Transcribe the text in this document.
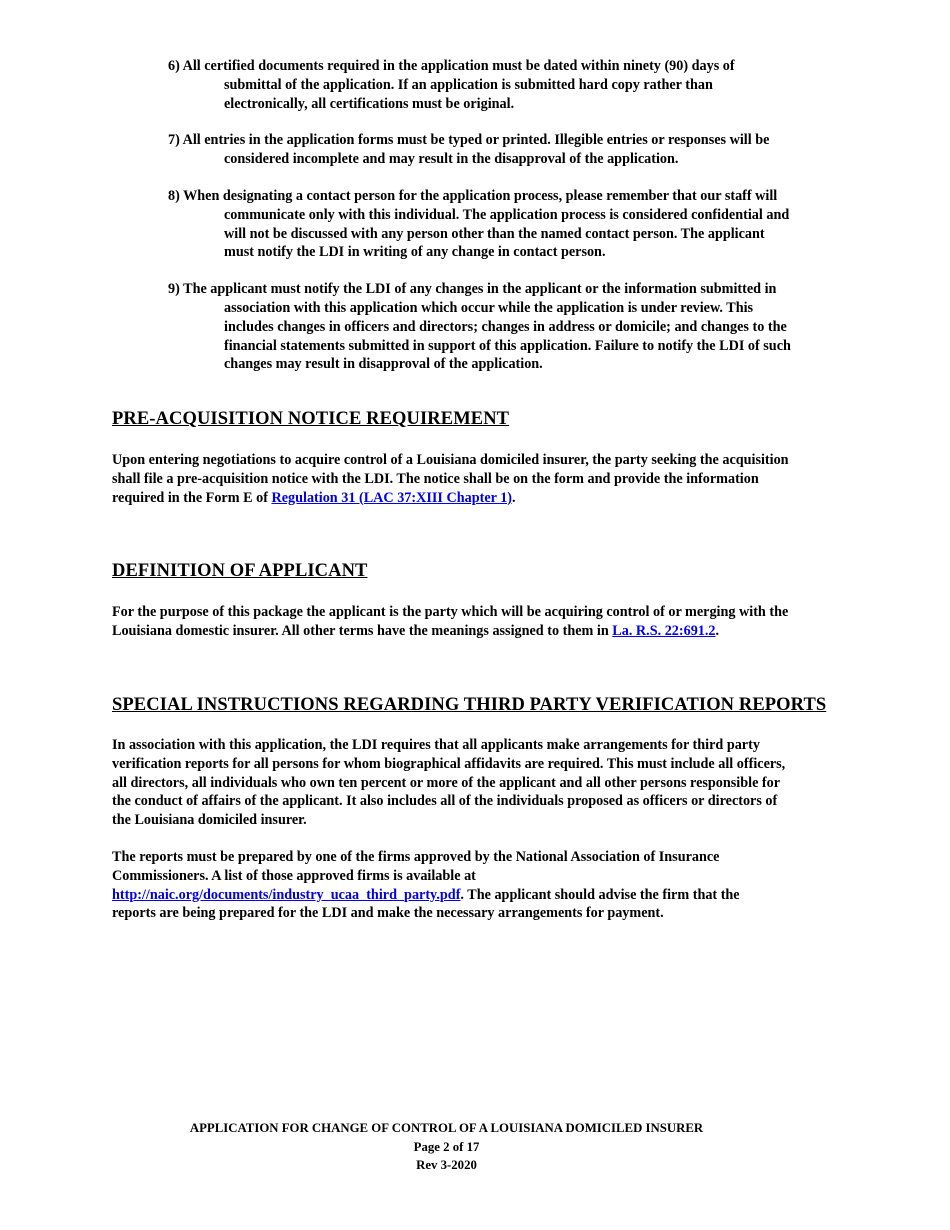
6) All certified documents required in the application must be dated within ninety (90) days of
submittal of the application. If an application is submitted hard copy rather than
electronically, all certifications must be original.
7) All entries in the application forms must be typed or printed. Illegible entries or responses will be
considered incomplete and may result in the disapproval of the application.
8) When designating a contact person for the application process, please remember that our staff will
communicate only with this individual. The application process is considered confidential and
will not be discussed with any person other than the named contact person. The applicant
must notify the LDI in writing of any change in contact person.
9) The applicant must notify the LDI of any changes in the applicant or the information submitted in
association with this application which occur while the application is under review. This
includes changes in officers and directors; changes in address or domicile; and changes to the
financial statements submitted in support of this application. Failure to notify the LDI of such
changes may result in disapproval of the application.
PRE-ACQUISITION NOTICE REQUIREMENT
Upon entering negotiations to acquire control of a Louisiana domiciled insurer, the party seeking the acquisition
shall file a pre-acquisition notice with the LDI. The notice shall be on the form and provide the information
required in the Form E of Regulation 31 (LAC 37:XIII Chapter 1).
DEFINITION OF APPLICANT
For the purpose of this package the applicant is the party which will be acquiring control of or merging with the
Louisiana domestic insurer. All other terms have the meanings assigned to them in La. R.S. 22:691.2.
SPECIAL INSTRUCTIONS REGARDING THIRD PARTY VERIFICATION REPORTS
In association with this application, the LDI requires that all applicants make arrangements for third party
verification reports for all persons for whom biographical affidavits are required. This must include all officers,
all directors, all individuals who own ten percent or more of the applicant and all other persons responsible for
the conduct of affairs of the applicant. It also includes all of the individuals proposed as officers or directors of
the Louisiana domiciled insurer.
The reports must be prepared by one of the firms approved by the National Association of Insurance
Commissioners. A list of those approved firms is available at
http://naic.org/documents/industry_ucaa_third_party.pdf. The applicant should advise the firm that the
reports are being prepared for the LDI and make the necessary arrangements for payment.
APPLICATION FOR CHANGE OF CONTROL OF A LOUISIANA DOMICILED INSURER
Page 2 of 17
Rev 3-2020
